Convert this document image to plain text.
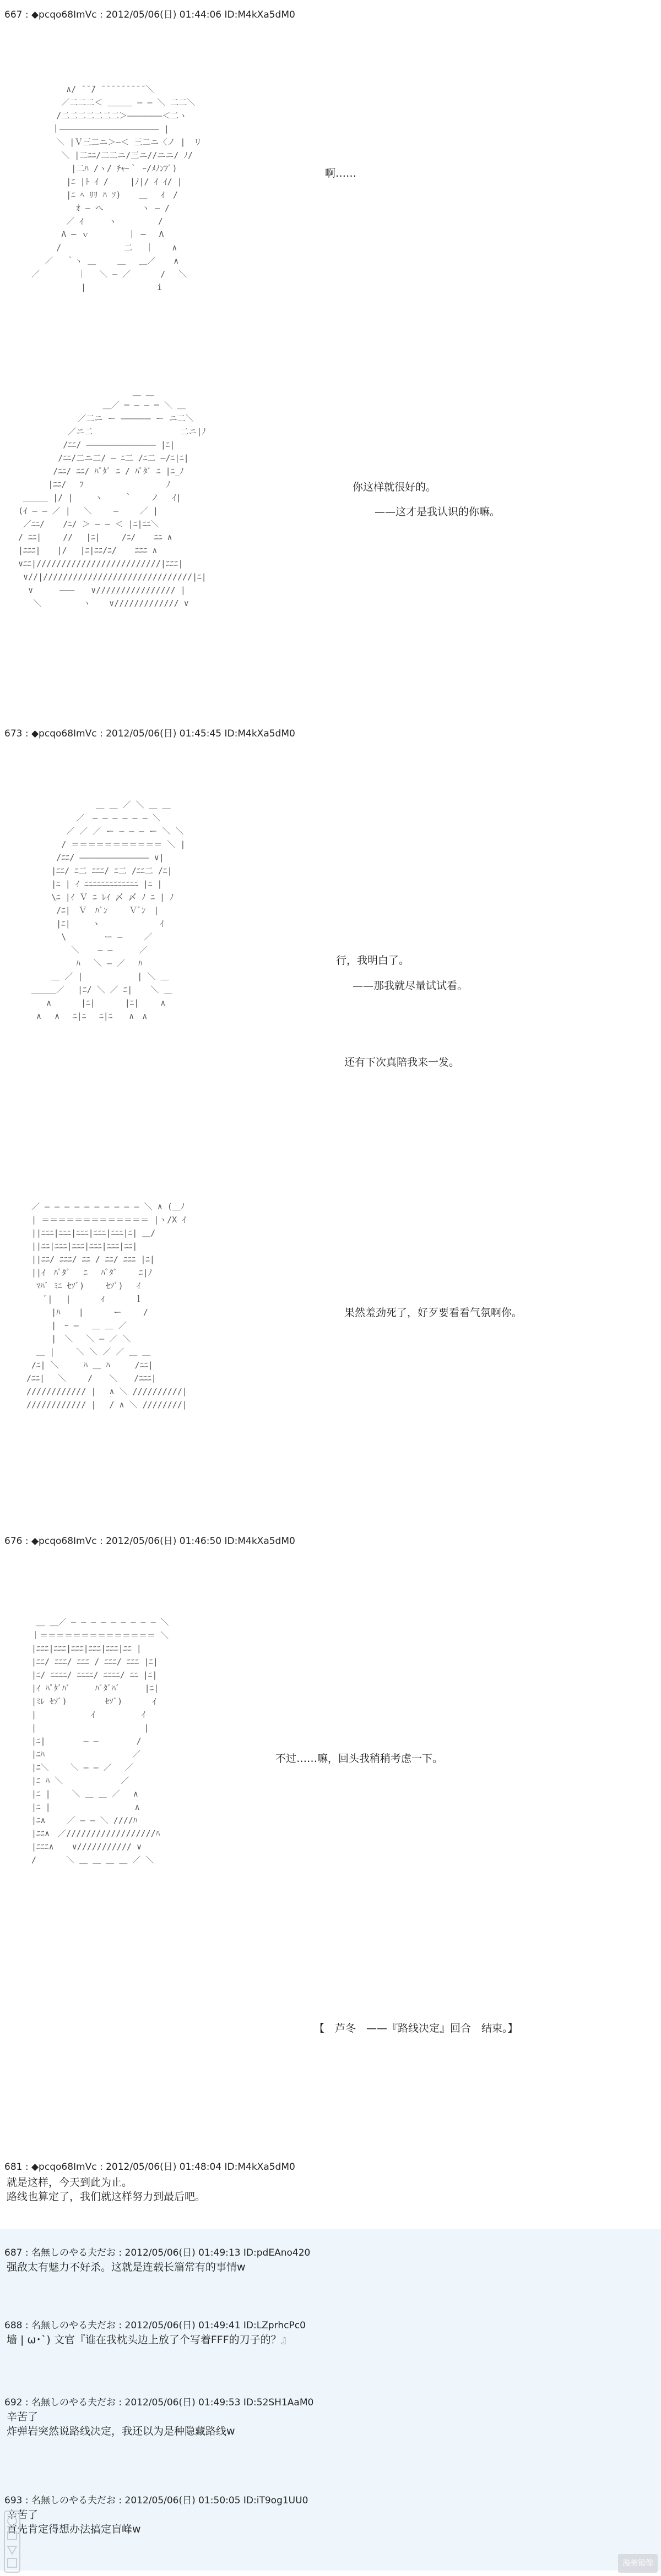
667 : ◆pcqo68ImVc : 2012/05/06(日) 01:44:06 ID:M4kXa5dM0
∧/ ̄ ̄ ̄/ ̄ ̄ ̄ ̄ ̄ ̄ ̄ ̄ ̄ ＼
／二二二＜ ＿＿＿ ― ― ＼ 二二＼
/二二二二二二二＞―――――――＜二ヽ
｜―――――――――――――――――――― |
＼ |Ｖ三二ニ＞―＜ 三二ニ〈ノ |　リ
＼ |二ﾆﾆ/二二ニ/三ニ//ニニ/ ﾉ/
|二ﾊ /ヽ/ ﾁｬｰ｀ ｰ/ﾒﾉﾝﾌﾞ)
|ﾆ |ﾄ ｲ /　　 |ﾉ|/ ｲ ｲ/ |
|ﾆ ﾍ ﾘﾘ ﾊ ｿ) 　 ＿ 　ｲ　/
ｵ ― へ　　　　 ヽ ― /
／ ｲ　　　ヽ　　　　　/
Λ ─ ｖ　　　　 ｜ ─ 　Λ
/　　　　　　 　二　 ｜ 　 ∧
　 ／　 ｀ヽ ＿　　 ＿　 ＿／ 　 ∧
／　　　　 ｜　 ＼ ― ／　　　 /　 ＼
　　　　　　 |　　　　　　　　 i
啊……
＿ ＿
＿／ ─ ― ― ─ ＼ ＿
／二ニ ー ―――――― ー ニ二＼
／ニ二　　　　　　　　　　 二ニ|ﾉ
/ﾆﾆ/ ―――――――――――――― |ﾆ|
/ﾆﾆ/二ニ二/ ― ﾆ二 /ﾆ二 ―/ﾆ|ﾆ|
/ﾆﾆ/ ﾆﾆ/ ﾊﾟﾀﾞ ﾆ / ﾊﾟﾀﾞ ﾆ |ﾆ_ﾉ
|ﾆﾆ/　 ﾌ　　　　　　　　　　ﾉ
＿＿＿ |/ |　　 ヽ　　 ｀ 　 ノ　 ｲ|
(ｲ ― ― ／ |　 ＼　　 ―　　 ／ |
／ﾆﾆ/ 　 /ﾆ/ ＞ ― ― ＜ |ﾆ|ﾆﾆ＼
/ ﾆﾆ|　　 //　 |ﾆ|　　 /ﾆ/ 　 ﾆﾆ ∧
|ﾆﾆﾆ|　　|/　 |ﾆ|ﾆﾆ/ﾆ/ 　 ﾆﾆﾆ ∧
∨ﾆﾆ|/////////////////////////|ﾆﾆﾆ|
∨//|//////////////////////////////|ﾆ|
∨ 　　 ―――　　∨//////////////// |
＼　　　　　ヽ 　 ∨///////////// ∨
你这样就很好的。
——这才是我认识的你嘛。
673 : ◆pcqo68ImVc : 2012/05/06(日) 01:45:45 ID:M4kXa5dM0
＿ ＿ ／ ＼ ＿ ＿
／　― ― ― ― ― ― ＼
／ ／ ／ ー ― ― ― ー ＼ ＼
/ ＝＝＝＝＝＝＝＝＝＝＝ ＼ |
/ﾆﾆ/ ―――――――――――――― ∨|
|ﾆﾆ/ ﾆ二 ﾆﾆﾆ/ ﾆ二 /ﾆﾆ二 /ﾆ|
|ﾆ | ｲ ﾆﾆﾆﾆﾆﾆﾆﾆﾆﾆﾆﾆﾆ |ﾆ |
\ﾆ |ｲ Ｖ ﾆ ﾚｲ 〆 〆 ﾉ ﾆ | ﾉ
/ﾆ|　Ｖ　ﾊﾞﾝ　 　Ｖﾞﾝ　|
|ﾆ|　　 ヽ　　　　　 　 ｲ
\　　　　 ー ―　　 ／
＼ 　 ― ― 　　 ／
ﾊ　 ＼ ― ／　 ﾊ
＿ ／ |　　　　　　 | ＼ ＿
＿＿＿／　 |ﾆ/ ＼ ／ ﾆ| 　 ＼ ＿
∧　　　 |ﾆ|　　　 |ﾆ|　　 ∧
∧　 ∧　 ﾆ|ﾆ　 ﾆ|ﾆ　　∧　∧
行，我明白了。
——那我就尽量试试看。
还有下次真陪我来一发。
／ ― ― ― ― ― ― ― ― ― ― ＼ ∧ (＿ﾉ
| ＝＝＝＝＝＝＝＝＝＝＝＝＝ |ヽ/X ｲ
||ﾆﾆﾆ|ﾆﾆﾆ|ﾆﾆﾆ|ﾆﾆﾆ|ﾆﾆﾆ|ﾆ| ＿/
||ﾆﾆ|ﾆﾆﾆ|ﾆﾆﾆ|ﾆﾆﾆ|ﾆﾆﾆ|ﾆﾆ|
||ﾆﾆ/ ﾆﾆﾆ/ ﾆﾆ / ﾆﾆ/ ﾆﾆﾆ |ﾆ|
||ｲ　ﾊﾟﾀﾞ　 ﾆ　 ﾊﾟﾀﾞ　　 ﾆ|ﾉ
ﾏﾊﾞ ﾐﾆ ｾｿﾞ)　　 ｾｿﾞ)　 ｲ
ﾞ|　 |　　　 ｲ　　　 ｌ
|ﾊ 　 |　　　 ー　　 /
|　ｰ ―　 ＿ ＿ ／
|　＼　 ＼ ― ／ ＼
＿ |　　 ＼ ＼ ／ ／ ＿ ＿
/ﾆ| ＼　　　ﾊ ＿ ﾊ　　　/ﾆﾆ|
/ﾆﾆ|　 ＼　　 /　　＼　　/ﾆﾆﾆ|
//////////// |　 ∧ ＼ //////////|
//////////// |　 / ∧ ＼ ////////|
果然羞劲死了，好歹要看看气氛啊你。
676 : ◆pcqo68ImVc : 2012/05/06(日) 01:46:50 ID:M4kXa5dM0
＿ ＿／ ― ― ― ― ― ― ― ― ― ＼
｜＝＝＝＝＝＝＝＝＝＝＝＝＝＝ ＼
|ﾆﾆﾆ|ﾆﾆﾆ|ﾆﾆﾆ|ﾆﾆﾆ|ﾆﾆﾆ|ﾆﾆ |
|ﾆﾆ/ ﾆﾆﾆ/ ﾆﾆﾆ / ﾆﾆﾆ/ ﾆﾆﾆ |ﾆ|
|ﾆ/ ﾆﾆﾆﾆ/ ﾆﾆﾆﾆ/ ﾆﾆﾆﾆ/ ﾆﾆ |ﾆ|
|ｲ ﾊﾟﾀﾞﾊﾞ　　　ﾊﾟﾀﾞﾊﾞ　　　|ﾆ|
|ﾐﾚ ｾｿﾞ)　　　　 ｾｿﾞ)　　　 ｲ
|　　　　　　 ｲ　　　　　 ｲ
|　　　　　　　　　　　　　|
|ﾆ|　　　　 ― ―　　　　 /
|ﾆﾊ　　　　　　　　　　 ／
|ﾆ＼　　 ＼ ― ― ／　 ／
|ﾆ ﾊ ＼　　　　　　　／
|ﾆ |　　 ＼ ＿ ＿ ／　 ∧
|ﾆ | 　　　　　　　　　 ∧
|ﾆ∧　　 ／ ― ― ＼ ////ﾊ
|ﾆﾆ∧　／//////////////////ﾊ
|ﾆﾆﾆ∧ 　 ∨/////////// ∨
/　　　 ＼ ＿ ＿ ＿ ＿ ／ ＼
不过……嘛，回头我稍稍考虑一下。
【　芦冬　——『路线决定』回合　结束。】
681 : ◆pcqo68ImVc : 2012/05/06(日) 01:48:04 ID:M4kXa5dM0
就是这样，今天到此为止。
路线也算定了，我们就这样努力到最后吧。
687 : 名無しのやる夫だお : 2012/05/06(日) 01:49:13 ID:pdEAno420
强敌太有魅力不好杀。这就是连载长篇常有的事情w
688 : 名無しのやる夫だお : 2012/05/06(日) 01:49:41 ID:LZprhcPc0
墙 | ω･`) 文官『谁在我枕头边上放了个写着FFF的刀子的？』
692 : 名無しのやる夫だお : 2012/05/06(日) 01:49:53 ID:52SH1AaM0
辛苦了
炸弹岩突然说路线决定，我还以为是种隐藏路线w
693 : 名無しのやる夫だお : 2012/05/06(日) 01:50:05 ID:iT9og1UU0
辛苦了
首先肯定得想办法搞定盲峰w
漫美镜像
